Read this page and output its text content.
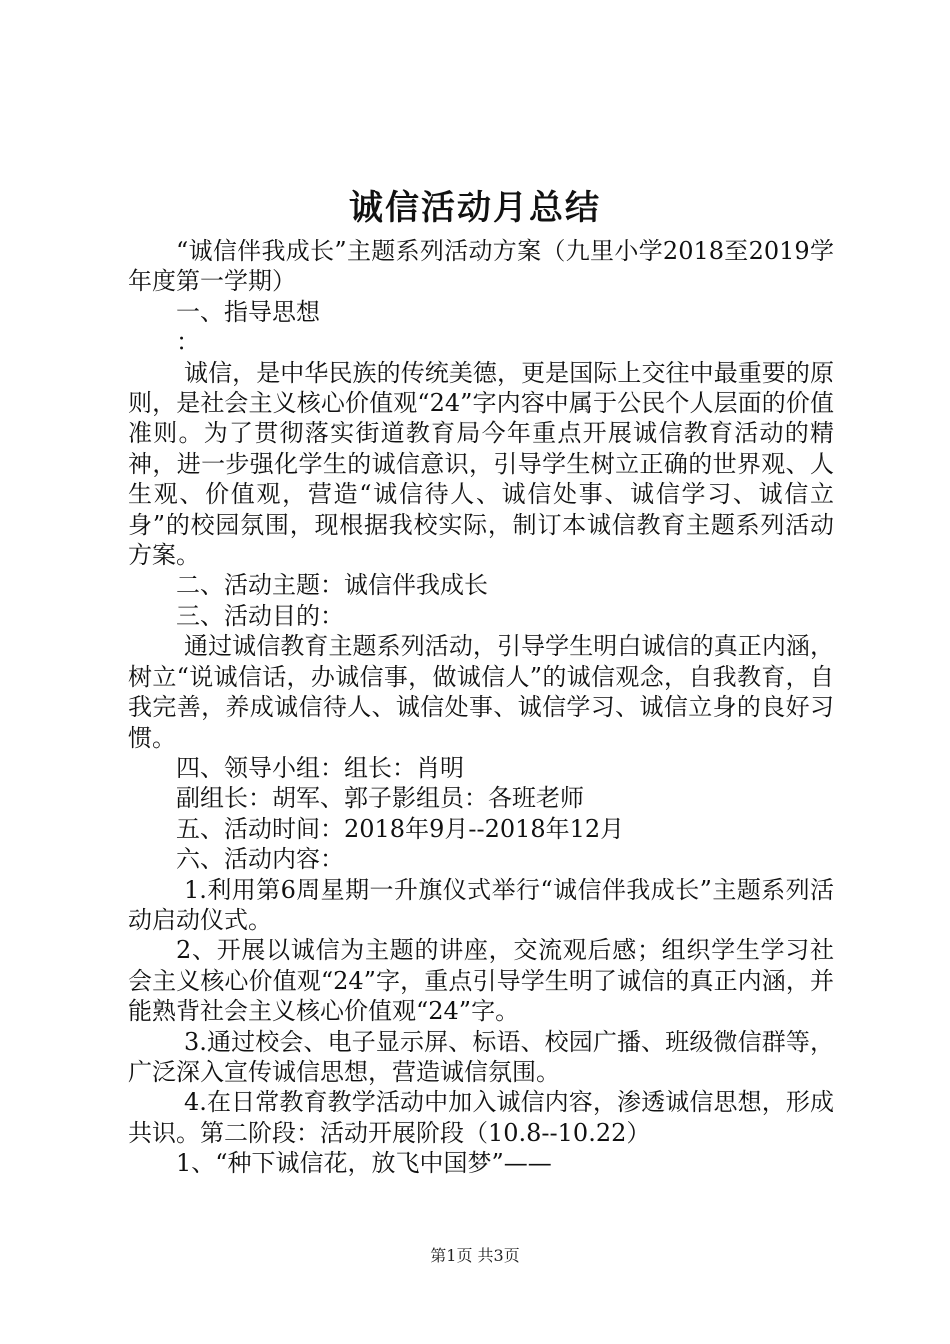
诚信活动月总结

“诚信伴我成长”主题系列活动方案（九里小学2018至2019学年度第一学期）

一、指导思想

：

诚信，是中华民族的传统美德，更是国际上交往中最重要的原则，是社会主义核心价值观“24”字内容中属于公民个人层面的价值准则。为了贯彻落实街道教育局今年重点开展诚信教育活动的精神，进一步强化学生的诚信意识，引导学生树立正确的世界观、人生观、价值观，营造“诚信待人、诚信处事、诚信学习、诚信立身”的校园氛围，现根据我校实际，制订本诚信教育主题系列活动方案。

二、活动主题：诚信伴我成长

三、活动目的：

通过诚信教育主题系列活动，引导学生明白诚信的真正内涵，树立“说诚信话，办诚信事，做诚信人”的诚信观念，自我教育，自我完善，养成诚信待人、诚信处事、诚信学习、诚信立身的良好习惯。

四、领导小组：组长：肖明

副组长：胡军、郭子影组员：各班老师

五、活动时间：2018年9月--2018年12月

六、活动内容：

1.利用第6周星期一升旗仪式举行“诚信伴我成长”主题系列活动启动仪式。

2、开展以诚信为主题的讲座，交流观后感；组织学生学习社会主义核心价值观“24”字，重点引导学生明了诚信的真正内涵，并能熟背社会主义核心价值观“24”字。

3.通过校会、电子显示屏、标语、校园广播、班级微信群等，广泛深入宣传诚信思想，营造诚信氛围。

4.在日常教育教学活动中加入诚信内容，渗透诚信思想，形成共识。第二阶段：活动开展阶段（10.8--10.22）

1、“种下诚信花，放飞中国梦”——

第1页 共3页
